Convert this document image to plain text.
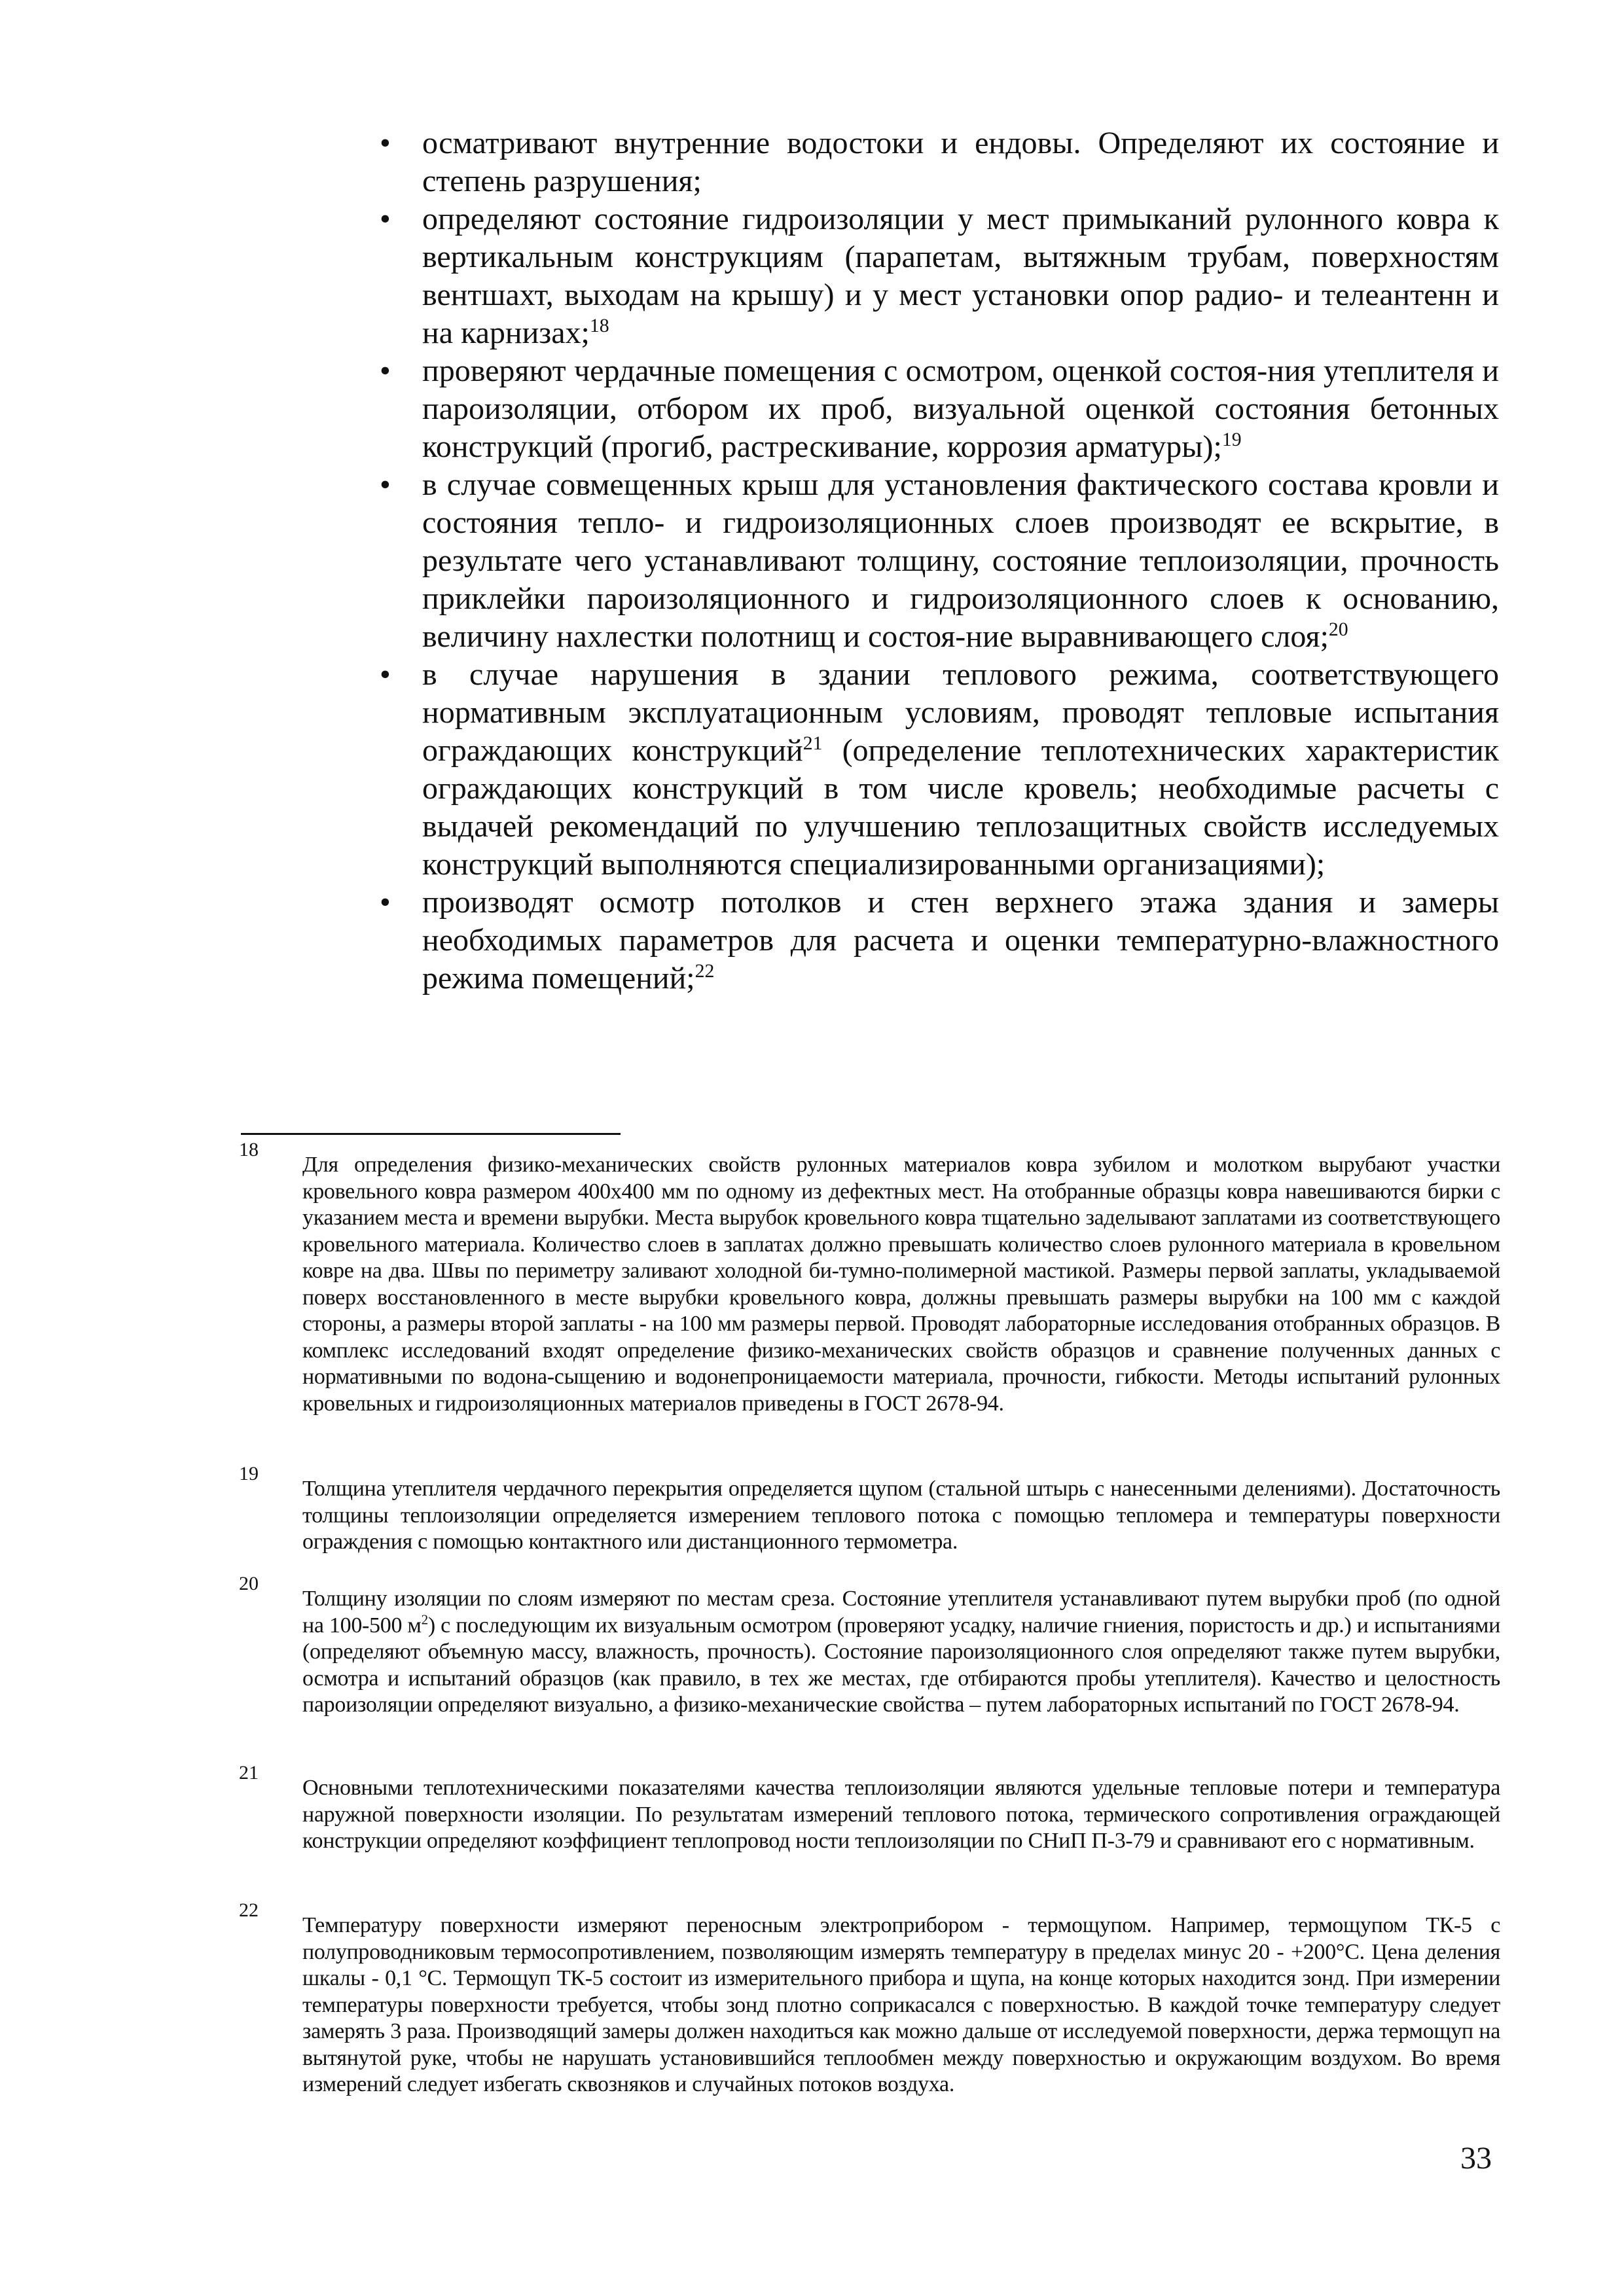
• осматривают внутренние водостоки и ендовы. Определяют их состояние и степень разрушения;
• определяют состояние гидроизоляции у мест примыканий рулонного ковра к вертикальным конструкциям (парапетам, вытяжным трубам, поверхностям вентшахт, выходам на крышу) и у мест установки опор радио- и телеантенн и на карнизах;$^{18}$
• проверяют чердачные помещения с осмотром, оценкой состоя-ния утеплителя и пароизоляции, отбором их проб, визуальной оценкой состояния бетонных конструкций (прогиб, растрескивание, коррозия арматуры);$^{19}$
• в случае совмещенных крыш для установления фактического состава кровли и состояния тепло- и гидроизоляционных слоев производят ее вскрытие, в результате чего устанавливают толщину, состояние теплоизоляции, прочность приклейки пароизоляционного и гидроизоляционного слоев к основанию, величину нахлестки полотнищ и состоя-ние выравнивающего слоя;$^{20}$
• в случае нарушения в здании теплового режима, соответствующего нормативным эксплуатационным условиям, проводят тепловые испытания ограждающих конструкций$^{21}$ (определение теплотехнических характеристик ограждающих конструкций в том числе кровель; необходимые расчеты с выдачей рекомендаций по улучшению теплозащитных свойств исследуемых конструкций выполняются специализированными организациями);
• производят осмотр потолков и стен верхнего этажа здания и замеры необходимых параметров для расчета и оценки температурно-влажностного режима помещений;$^{22}$
18

Для определения физико-механических свойств рулонных материалов ковра зубилом и молотком вырубают участки кровельного ковра размером 400х400 мм по одному из дефектных мест. На отобранные образцы ковра навешиваются бирки с указанием места и времени вырубки. Места вырубок кровельного ковра тщательно заделывают заплатами из соответствующего кровельного материала. Количество слоев в заплатах должно превышать количество слоев рулонного материала в кровельном ковре на два. Швы по периметру заливают холодной би-тумно-полимерной мастикой. Размеры первой заплаты, укладываемой поверх восстановленного в месте вырубки кровельного ковра, должны превышать размеры вырубки на 100 мм с каждой стороны, а размеры второй заплаты - на 100 мм размеры первой. Проводят лабораторные исследования отобранных образцов. В комплекс исследований входят определение физико-механических свойств образцов и сравнение полученных данных с нормативными по водона-сыщению и водонепроницаемости материала, прочности, гибкости. Методы испытаний рулонных кровельных и гидроизоляционных материалов приведены в ГОСТ 2678-94.

19

Толщина утеплителя чердачного перекрытия определяется щупом (стальной штырь с нанесенными делениями). Достаточность толщины теплоизоляции определяется измерением теплового потока с помощью тепломера и температуры поверхности ограждения с помощью контактного или дистанционного термометра.

20

Толщину изоляции по слоям измеряют по местам среза. Состояние утеплителя устанавливают путем вырубки проб (по одной на 100-500 $м^2$) с последующим их визуальным осмотром (проверяют усадку, наличие гниения, пористость и др.) и испытаниями (определяют объемную массу, влажность, прочность). Состояние пароизоляционного слоя определяют также путем вырубки, осмотра и испытаний образцов (как правило, в тех же местах, где отбираются пробы утеплителя). Качество и целостность пароизоляции определяют визуально, а физико-механические свойства – путем лабораторных испытаний по ГОСТ 2678-94.

21

Основными теплотехническими показателями качества теплоизоляции являются удельные тепловые потери и температура наружной поверхности изоляции. По результатам измерений теплового потока, термического сопротивления ограждающей конструкции определяют коэффициент теплопровод ности теплоизоляции по СНиП П-3-79 и сравнивают его с нормативным.

22

Температуру поверхности измеряют переносным электроприбором - термощупом. Например, термощупом ТК-5 с полупроводниковым термосопротивлением, позволяющим измерять температуру в пределах минус 20 - +200°С. Цена деления шкалы - 0,1 °С. Термощуп ТК-5 состоит из измерительного прибора и щупа, на конце которых находится зонд. При измерении температуры поверхности требуется, чтобы зонд плотно соприкасался с поверхностью. В каждой точке температуру следует замерять 3 раза. Производящий замеры должен находиться как можно дальше от исследуемой поверхности, держа термощуп на вытянутой руке, чтобы не нарушать установившийся теплообмен между поверхностью и окружающим воздухом. Во время измерений следует избегать сквозняков и случайных потоков воздуха.

33
